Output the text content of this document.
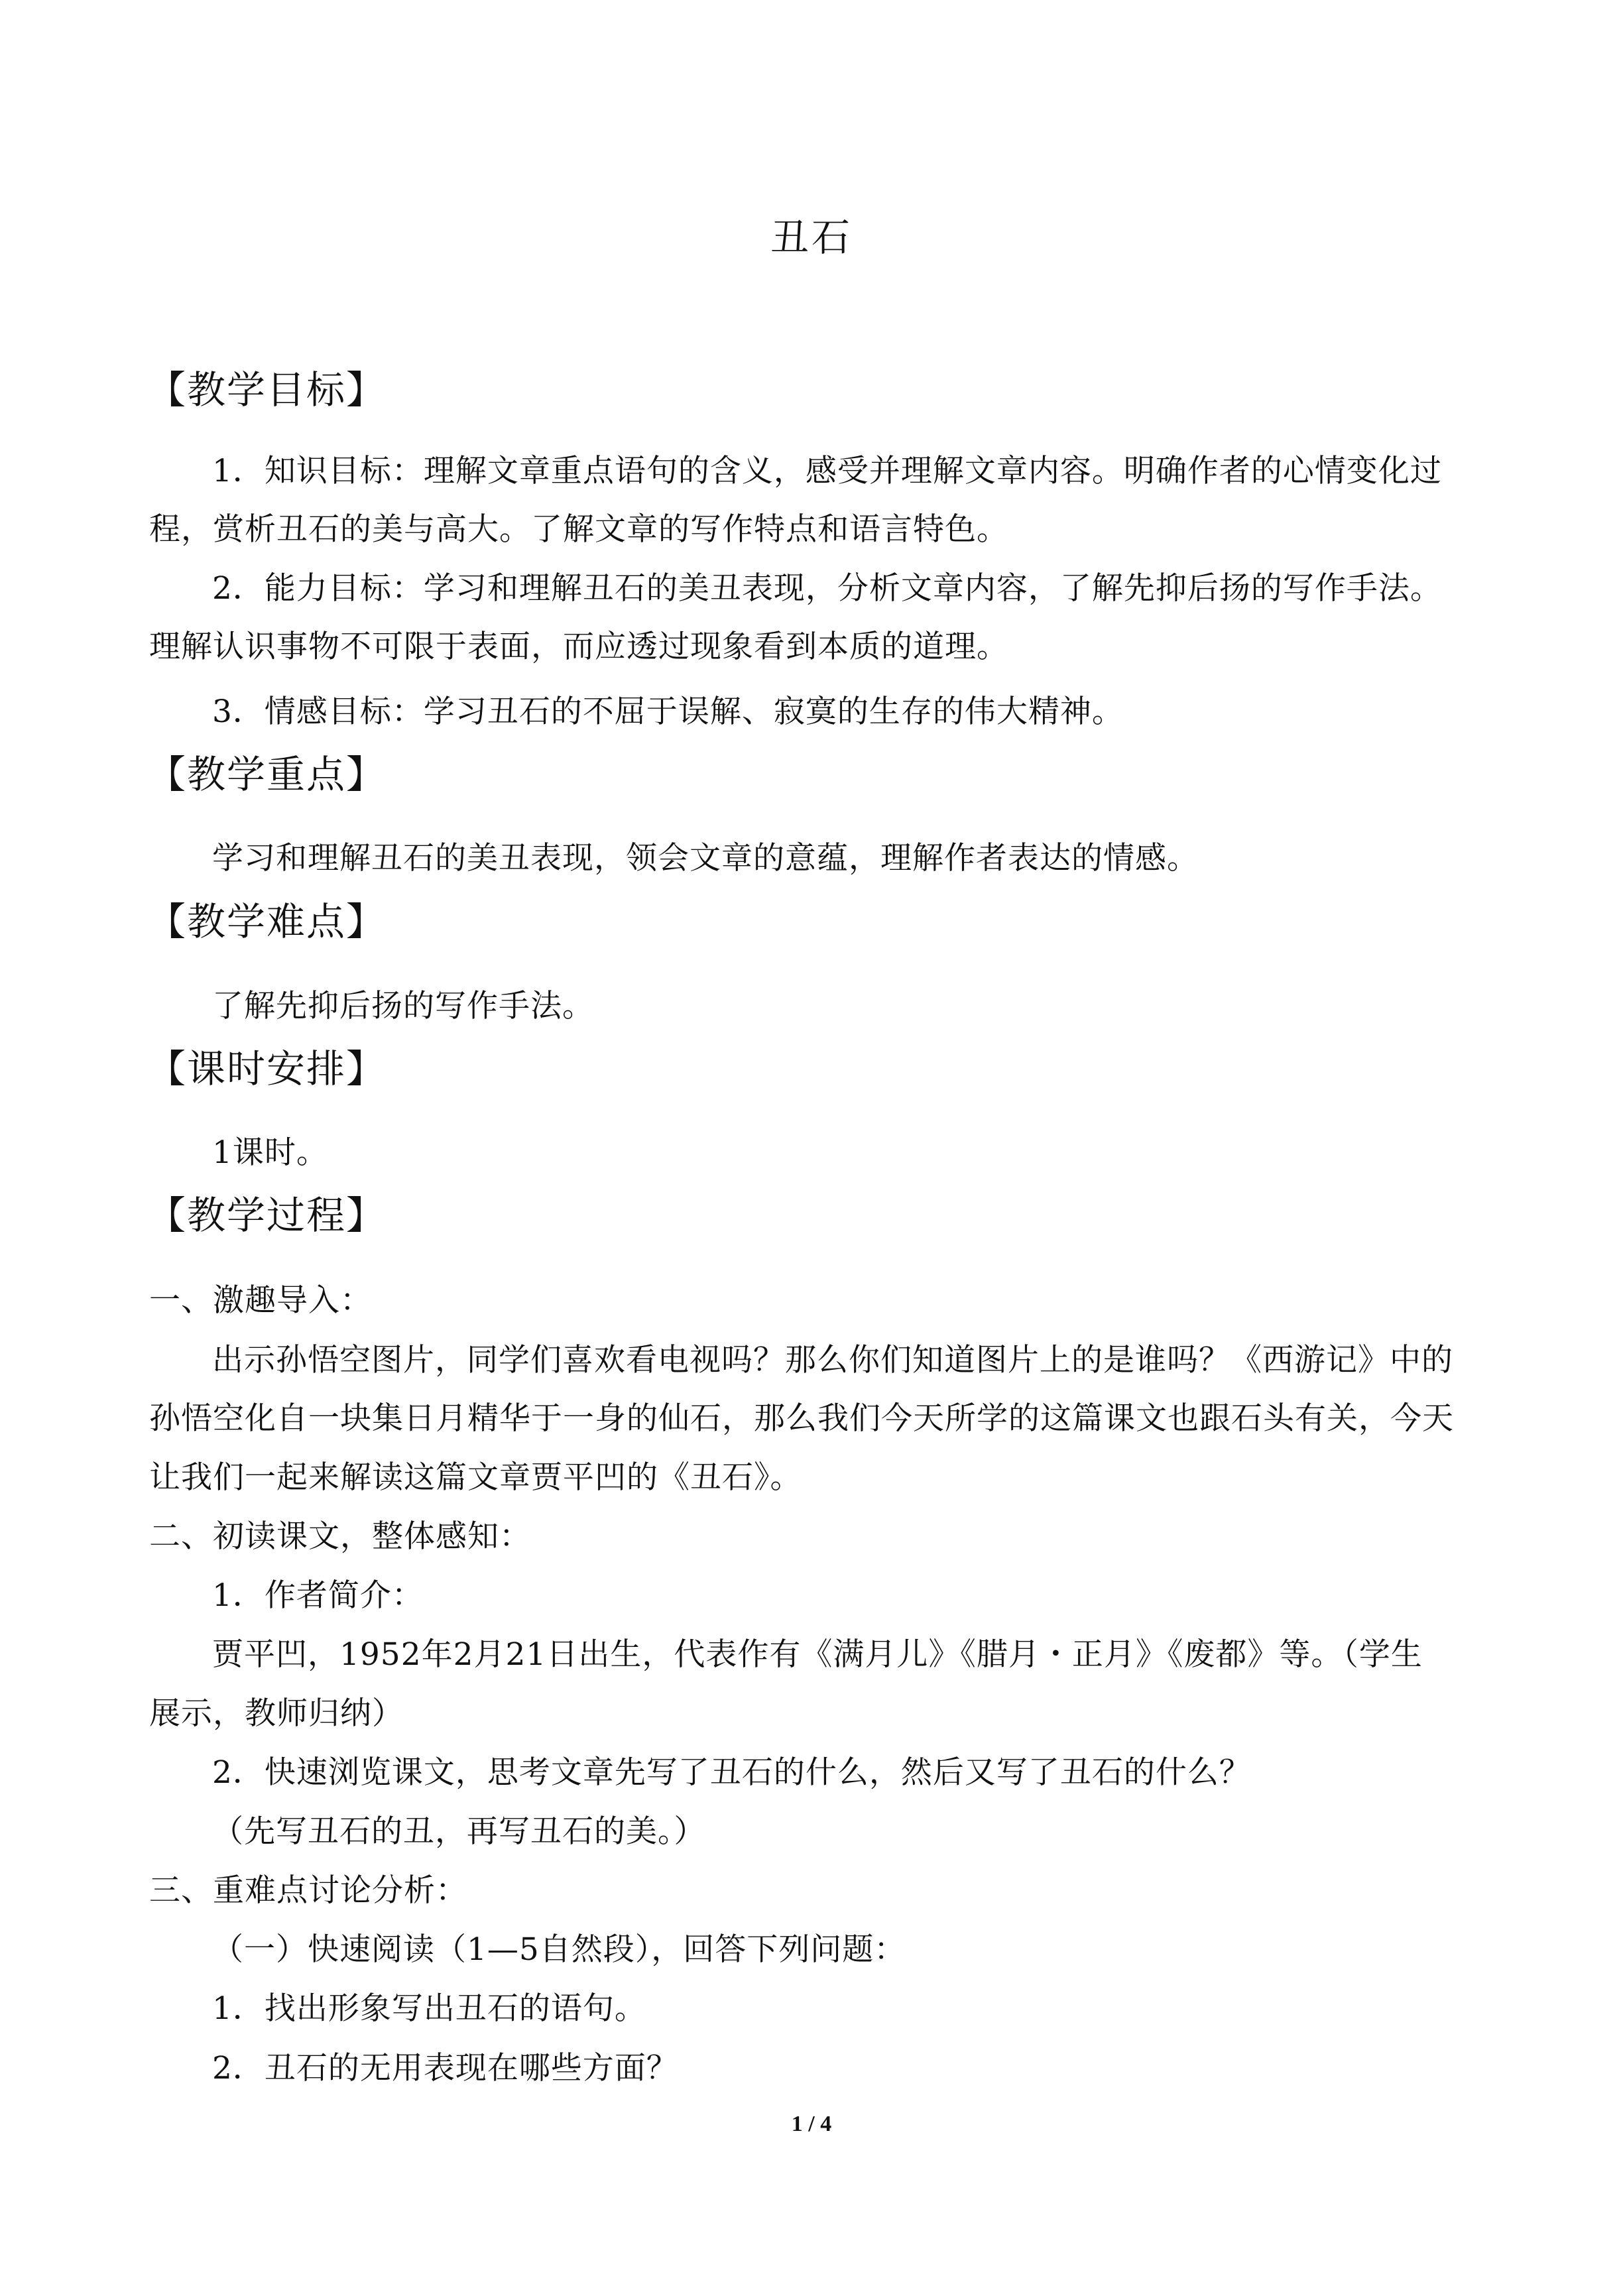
丑石
【教学目标】
1．知识目标：理解文章重点语句的含义，感受并理解文章内容。明确作者的心情变化过
程，赏析丑石的美与高大。了解文章的写作特点和语言特色。
2．能力目标：学习和理解丑石的美丑表现，分析文章内容，了解先抑后扬的写作手法。
理解认识事物不可限于表面，而应透过现象看到本质的道理。
3．情感目标：学习丑石的不屈于误解、寂寞的生存的伟大精神。
【教学重点】
学习和理解丑石的美丑表现，领会文章的意蕴，理解作者表达的情感。
【教学难点】
了解先抑后扬的写作手法。
【课时安排】
1课时。
【教学过程】
一、激趣导入：
出示孙悟空图片，同学们喜欢看电视吗？那么你们知道图片上的是谁吗？《西游记》中的
孙悟空化自一块集日月精华于一身的仙石，那么我们今天所学的这篇课文也跟石头有关，今天
让我们一起来解读这篇文章贾平凹的《丑石》。
二、初读课文，整体感知：
1．作者简介：
贾平凹，1952年2月21日出生，代表作有《满月儿》《腊月・正月》《废都》等。（学生
展示，教师归纳）
2．快速浏览课文，思考文章先写了丑石的什么，然后又写了丑石的什么？
（先写丑石的丑，再写丑石的美。）
三、重难点讨论分析：
（一）快速阅读（1—5自然段），回答下列问题：
1．找出形象写出丑石的语句。
2．丑石的无用表现在哪些方面？
1 / 4
